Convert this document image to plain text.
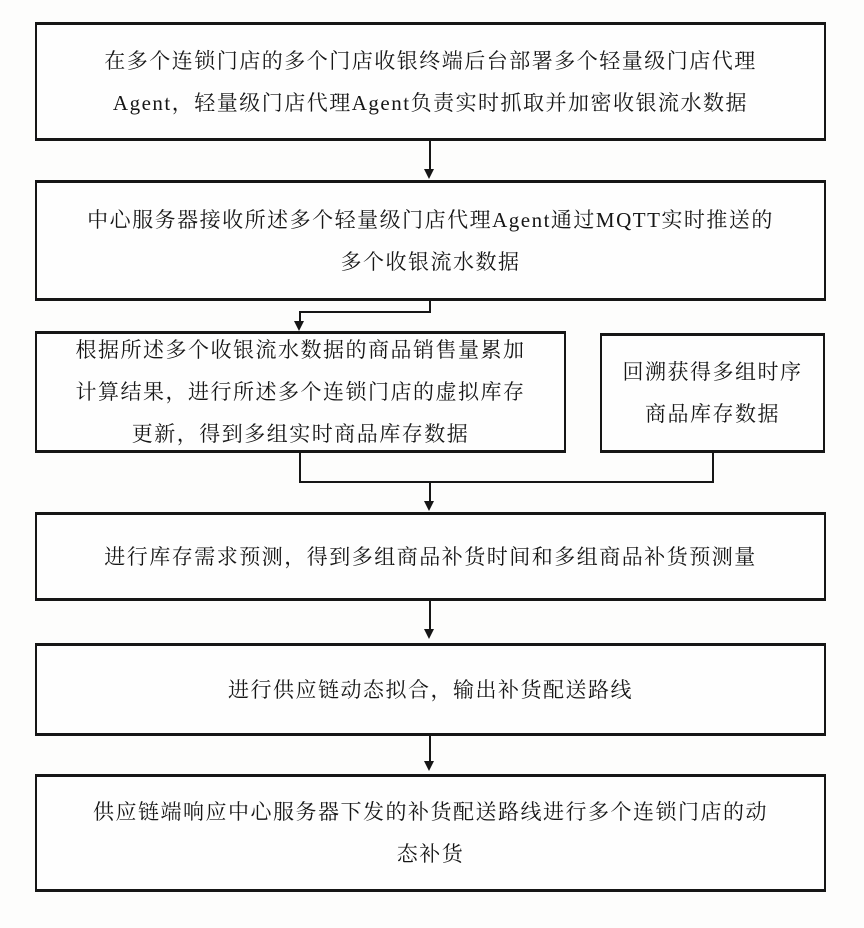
在多个连锁门店的多个门店收银终端后台部署多个轻量级门店代理
Agent，轻量级门店代理Agent负责实时抓取并加密收银流水数据
中心服务器接收所述多个轻量级门店代理Agent通过MQTT实时推送的
多个收银流水数据
根据所述多个收银流水数据的商品销售量累加
计算结果，进行所述多个连锁门店的虚拟库存
更新，得到多组实时商品库存数据
回溯获得多组时序
商品库存数据
进行库存需求预测，得到多组商品补货时间和多组商品补货预测量
进行供应链动态拟合，输出补货配送路线
供应链端响应中心服务器下发的补货配送路线进行多个连锁门店的动
态补货
